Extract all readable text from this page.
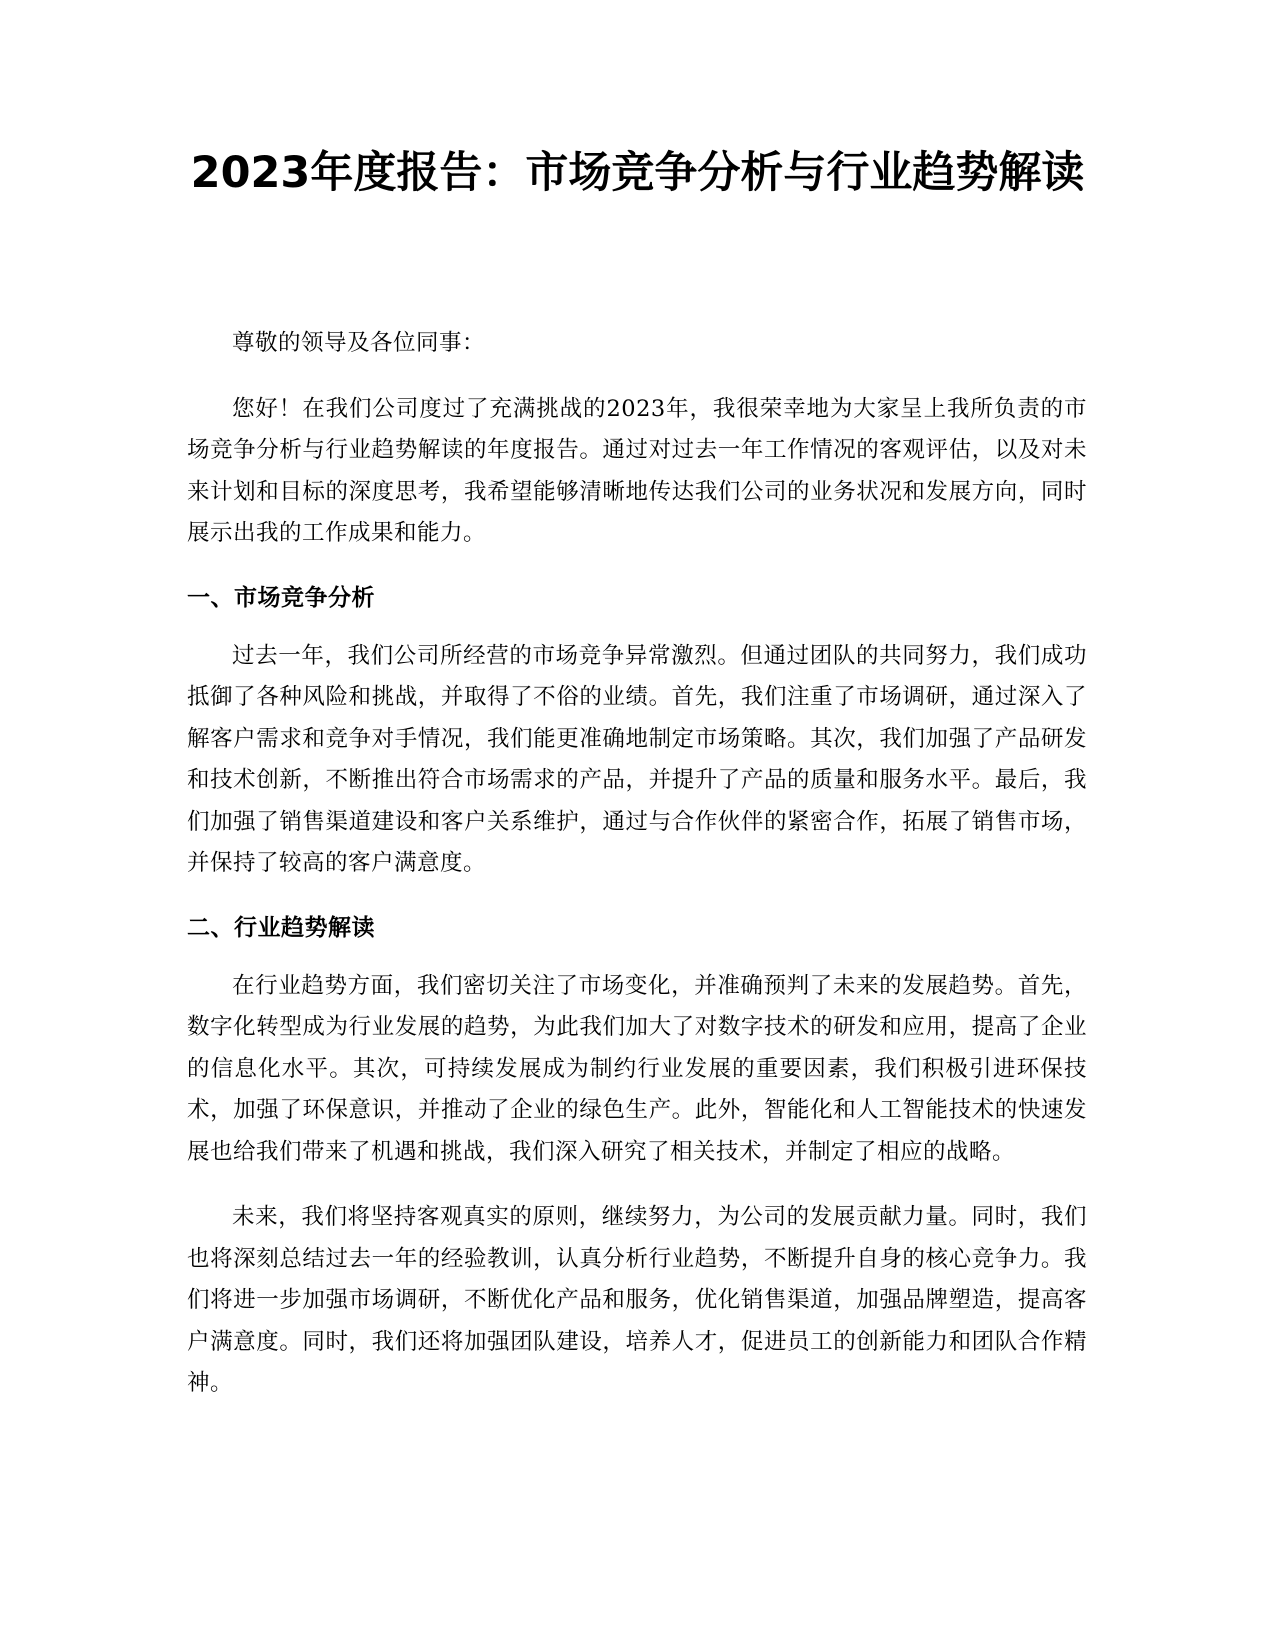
2023年度报告：市场竞争分析与行业趋势解读

尊敬的领导及各位同事：

您好！在我们公司度过了充满挑战的2023年，我很荣幸地为大家呈上我所负责的市场竞争分析与行业趋势解读的年度报告。通过对过去一年工作情况的客观评估，以及对未来计划和目标的深度思考，我希望能够清晰地传达我们公司的业务状况和发展方向，同时展示出我的工作成果和能力。

一、市场竞争分析

过去一年，我们公司所经营的市场竞争异常激烈。但通过团队的共同努力，我们成功抵御了各种风险和挑战，并取得了不俗的业绩。首先，我们注重了市场调研，通过深入了解客户需求和竞争对手情况，我们能更准确地制定市场策略。其次，我们加强了产品研发和技术创新，不断推出符合市场需求的产品，并提升了产品的质量和服务水平。最后，我们加强了销售渠道建设和客户关系维护，通过与合作伙伴的紧密合作，拓展了销售市场，并保持了较高的客户满意度。

二、行业趋势解读

在行业趋势方面，我们密切关注了市场变化，并准确预判了未来的发展趋势。首先，数字化转型成为行业发展的趋势，为此我们加大了对数字技术的研发和应用，提高了企业的信息化水平。其次，可持续发展成为制约行业发展的重要因素，我们积极引进环保技术，加强了环保意识，并推动了企业的绿色生产。此外，智能化和人工智能技术的快速发展也给我们带来了机遇和挑战，我们深入研究了相关技术，并制定了相应的战略。

未来，我们将坚持客观真实的原则，继续努力，为公司的发展贡献力量。同时，我们也将深刻总结过去一年的经验教训，认真分析行业趋势，不断提升自身的核心竞争力。我们将进一步加强市场调研，不断优化产品和服务，优化销售渠道，加强品牌塑造，提高客户满意度。同时，我们还将加强团队建设，培养人才，促进员工的创新能力和团队合作精神。
